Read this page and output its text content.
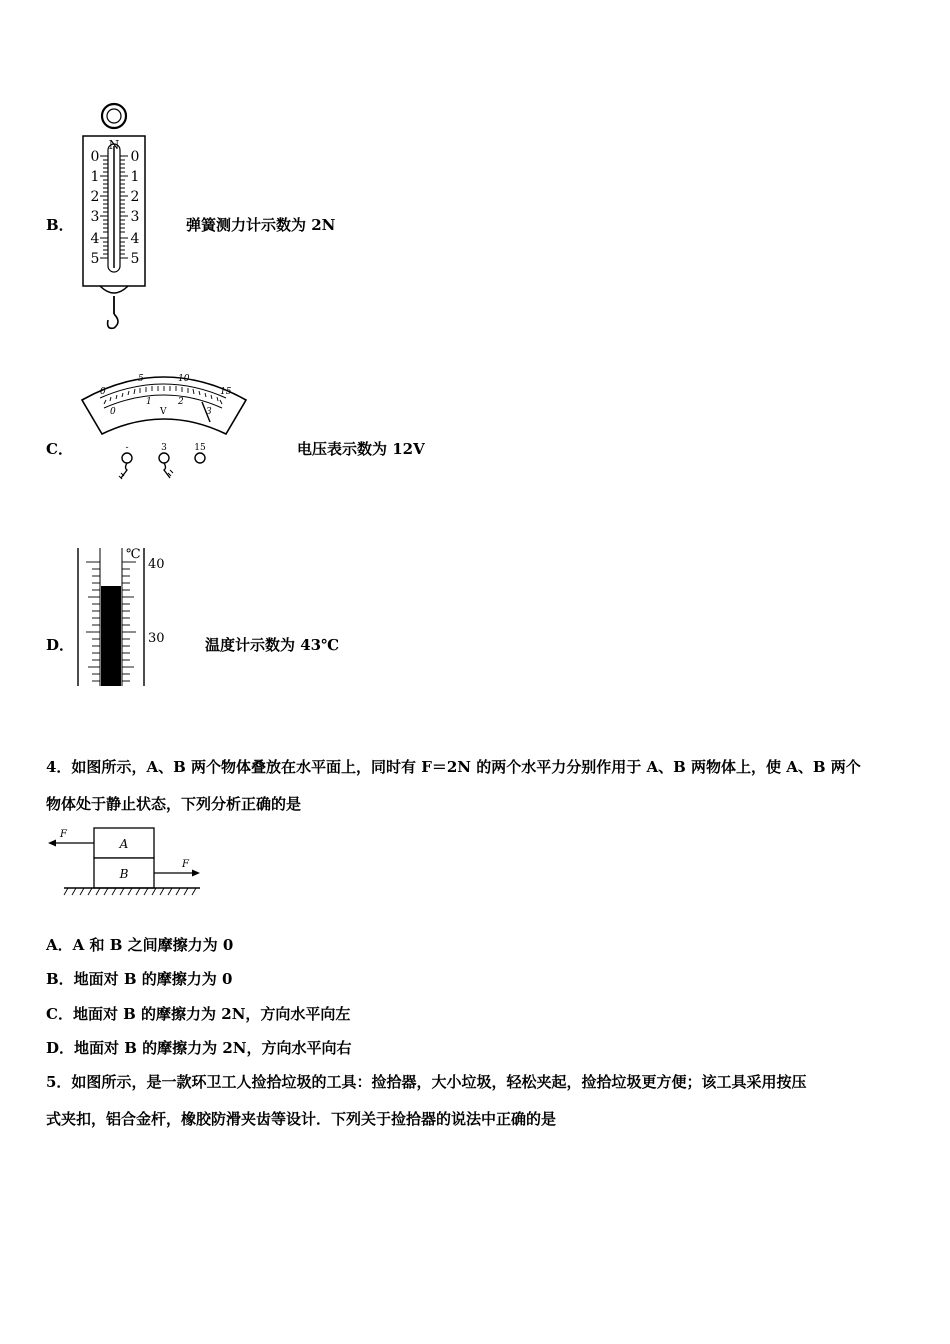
B．
N
0
1
2
3
4
5
0
1
2
3
4
5
弹簧测力计示数为 2N
C．
0
5	10
15
0
1	2
3
V
-	3	15	电压表示数为 12V
D．
℃
40
30	温度计示数为 43℃
4．如图所示，A、B 两个物体叠放在水平面上，同时有 F＝2N 的两个水平力分别作用于 A、B 两物体上，使 A、B 两个
物体处于静止状态，下列分析正确的是
A
B
F
F
A．A 和 B 之间摩擦力为 0
B．地面对 B 的摩擦力为 0
C．地面对 B 的摩擦力为 2N，方向水平向左
D．地面对 B 的摩擦力为 2N，方向水平向右
5．如图所示，是一款环卫工人捡拾垃圾的工具：捡拾器，大小垃圾，轻松夹起，捡拾垃圾更方便；该工具采用按压
式夹扣，铝合金杆，橡胶防滑夹齿等设计．下列关于捡拾器的说法中正确的是
